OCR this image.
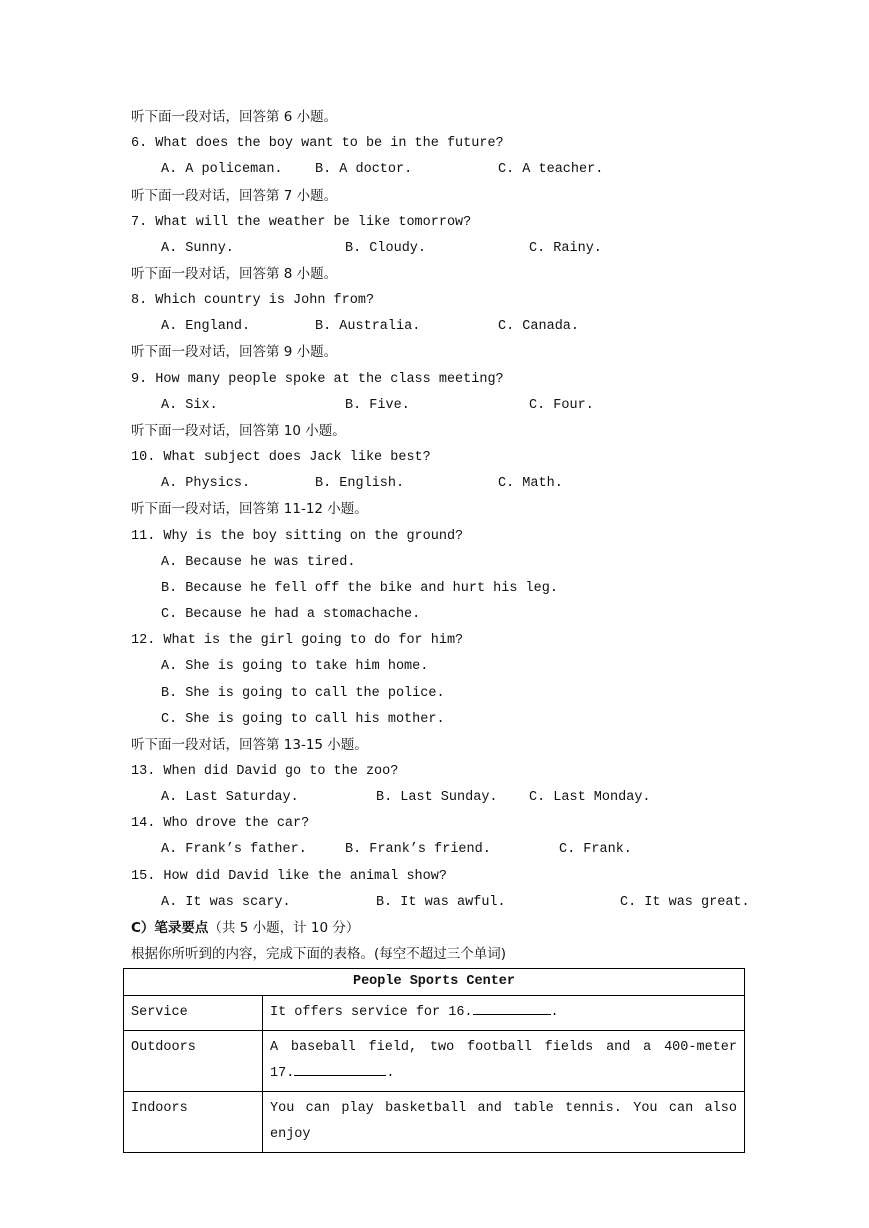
听下面一段对话，回答第 6 小题。
6. What does the boy want to be in the future?
A. A policeman. B. A doctor.	C. A teacher.
听下面一段对话，回答第 7 小题。
7. What will the weather be like tomorrow?
A. Sunny.	B. Cloudy.	C. Rainy.
听下面一段对话，回答第 8 小题。
8. Which country is John from?
A. England.	B. Australia.	C. Canada.
听下面一段对话，回答第 9 小题。
9. How many people spoke at the class meeting?
A. Six.	B. Five.	C. Four.
听下面一段对话，回答第 10 小题。
10. What subject does Jack like best?
A. Physics.	B. English.	C. Math.
听下面一段对话，回答第 11-12 小题。
11. Why is the boy sitting on the ground?
A. Because he was tired.
B. Because he fell off the bike and hurt his leg.
C. Because he had a stomachache.
12. What is the girl going to do for him?
A. She is going to take him home.
B. She is going to call the police.
C. She is going to call his mother.
听下面一段对话，回答第 13-15 小题。
13. When did David go to the zoo?
A. Last Saturday.	B. Last Sunday. C. Last Monday.
14. Who drove the car?
A. Frank’s father.	B. Frank’s friend.	C. Frank.
15. How did David like the animal show?
A. It was scary.	B. It was awful.	C. It was great.
C）笔录要点（共 5 小题，计 10 分）
根据你所听到的内容，完成下面的表格。(每空不超过三个单词)
People Sports Center	
Service	It offers service for 16. .
Outdoors	A baseball field, two football fields and a 400-meter
17. .
Indoors	You can play basketball and table tennis. You can also enjoy
